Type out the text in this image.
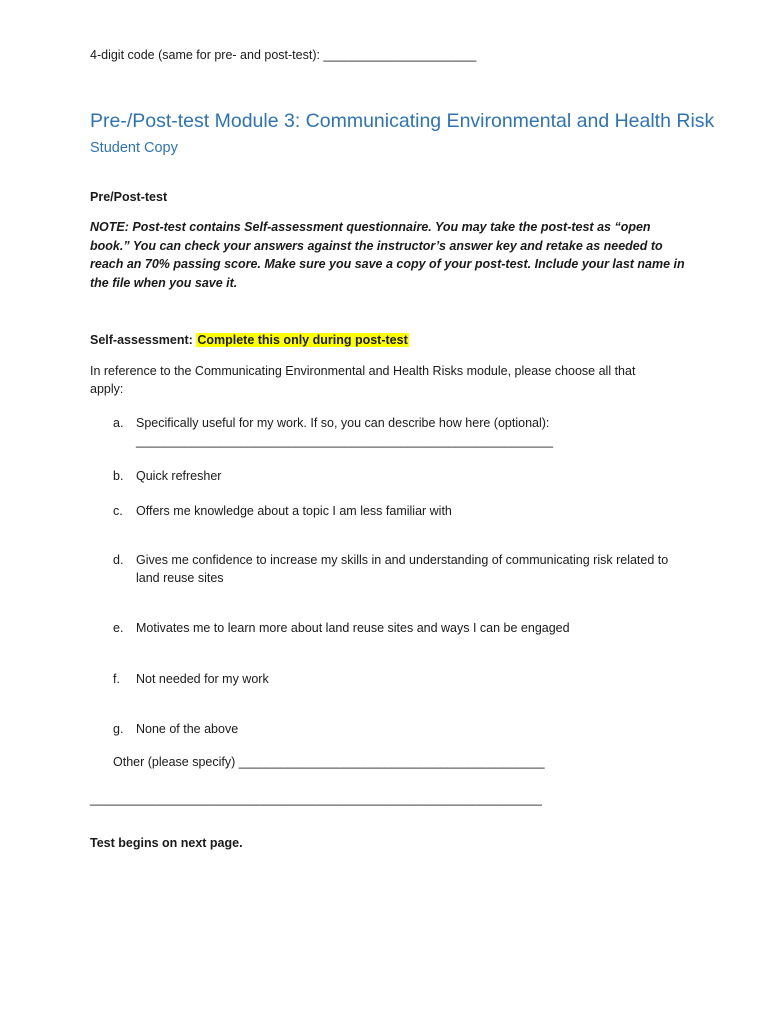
4-digit code (same for pre- and post-test): ______________________
Pre-/Post-test Module 3: Communicating Environmental and Health Risk
Student Copy
Pre/Post-test
NOTE: Post-test contains Self-assessment questionnaire. You may take the post-test as “open book.” You can check your answers against the instructor’s answer key and retake as needed to reach an 70% passing score. Make sure you save a copy of your post-test. Include your last name in the file when you save it.
Self-assessment: Complete this only during post-test
In reference to the Communicating Environmental and Health Risks module, please choose all that apply:
a.	Specifically useful for my work. If so, you can describe how here (optional): ____________________________________________________________
b.	Quick refresher
c.	Offers me knowledge about a topic I am less familiar with
d.	Gives me confidence to increase my skills in and understanding of communicating risk related to land reuse sites
e.	Motivates me to learn more about land reuse sites and ways I can be engaged
f.	Not needed for my work
g.	None of the above
Other (please specify) ____________________________________________
_________________________________________________________________
Test begins on next page.
